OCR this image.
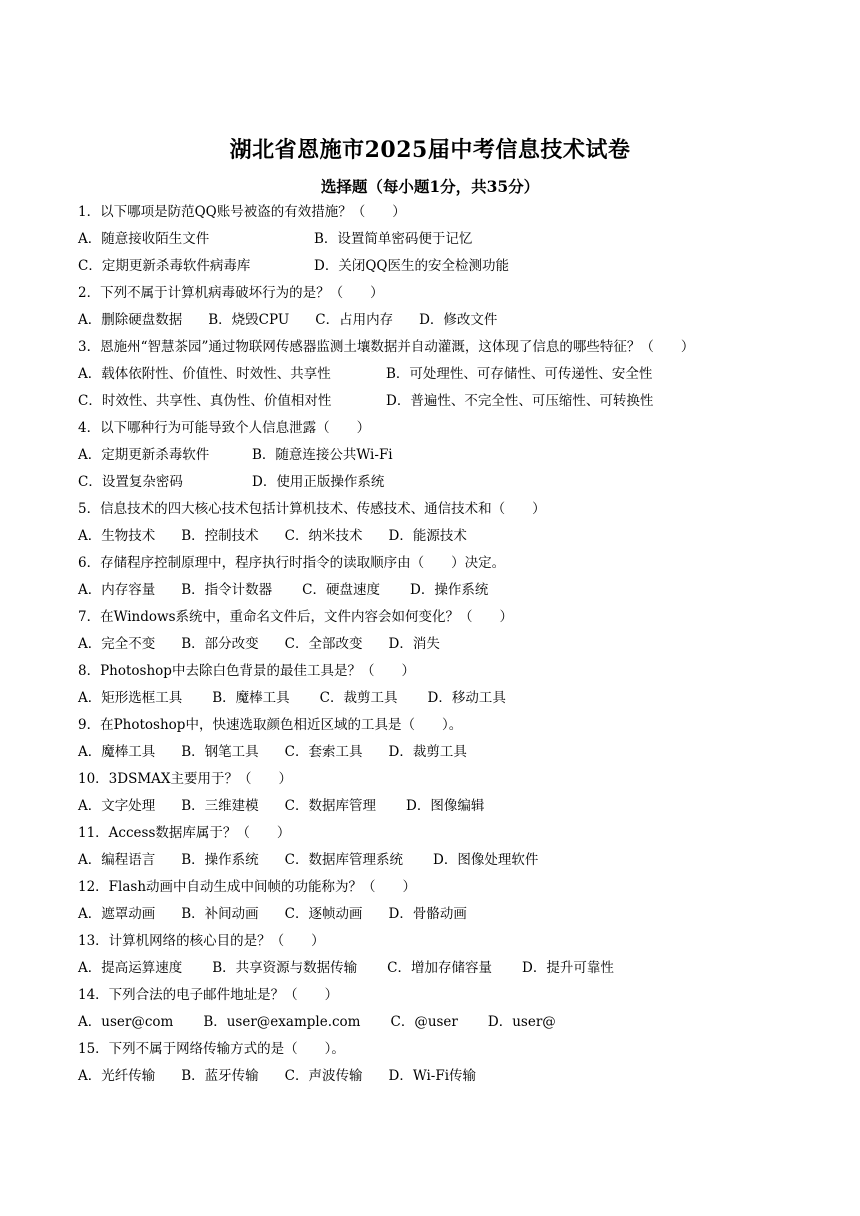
湖北省恩施市2025届中考信息技术试卷
选择题（每小题1分，共35分）
1．以下哪项是防范QQ账号被盗的有效措施？（　　）
A．随意接收陌生文件	B．设置简单密码便于记忆
C．定期更新杀毒软件病毒库	D．关闭QQ医生的安全检测功能
2．下列不属于计算机病毒破坏行为的是？（　　）
A．删除硬盘数据 B．烧毁CPU C．占用内存 D．修改文件
3．恩施州“智慧茶园”通过物联网传感器监测土壤数据并自动灌溉，这体现了信息的哪些特征？（　　）
A．载体依附性、价值性、时效性、共享性	B．可处理性、可存储性、可传递性、安全性
C．时效性、共享性、真伪性、价值相对性	D．普遍性、不完全性、可压缩性、可转换性
4．以下哪种行为可能导致个人信息泄露（　　）
A．定期更新杀毒软件	B．随意连接公共Wi-Fi
C．设置复杂密码	D．使用正版操作系统
5．信息技术的四大核心技术包括计算机技术、传感技术、通信技术和（　　）
A．生物技术 B．控制技术 C．纳米技术 D．能源技术
6．存储程序控制原理中，程序执行时指令的读取顺序由（　　）决定。
A．内存容量 B．指令计数器 C．硬盘速度 D．操作系统
7．在Windows系统中，重命名文件后，文件内容会如何变化？（　　）
A．完全不变 B．部分改变 C．全部改变 D．消失
8．Photoshop中去除白色背景的最佳工具是？（　　）
A．矩形选框工具 B．魔棒工具 C．裁剪工具 D．移动工具
9．在Photoshop中，快速选取颜色相近区域的工具是（　　）。
A．魔棒工具 B．钢笔工具 C．套索工具 D．裁剪工具
10．3DSMAX主要用于？（　　）
A．文字处理 B．三维建模 C．数据库管理 D．图像编辑
11．Access数据库属于？（　　）
A．编程语言 B．操作系统 C．数据库管理系统 D．图像处理软件
12．Flash动画中自动生成中间帧的功能称为？（　　）
A．遮罩动画 B．补间动画 C．逐帧动画 D．骨骼动画
13．计算机网络的核心目的是？（　　）
A．提高运算速度 B．共享资源与数据传输 C．增加存储容量 D．提升可靠性
14．下列合法的电子邮件地址是？（　　）
A．user@com B．user@example.com C．@user D．user@
15．下列不属于网络传输方式的是（　　）。
A．光纤传输 B．蓝牙传输 C．声波传输 D．Wi-Fi传输
